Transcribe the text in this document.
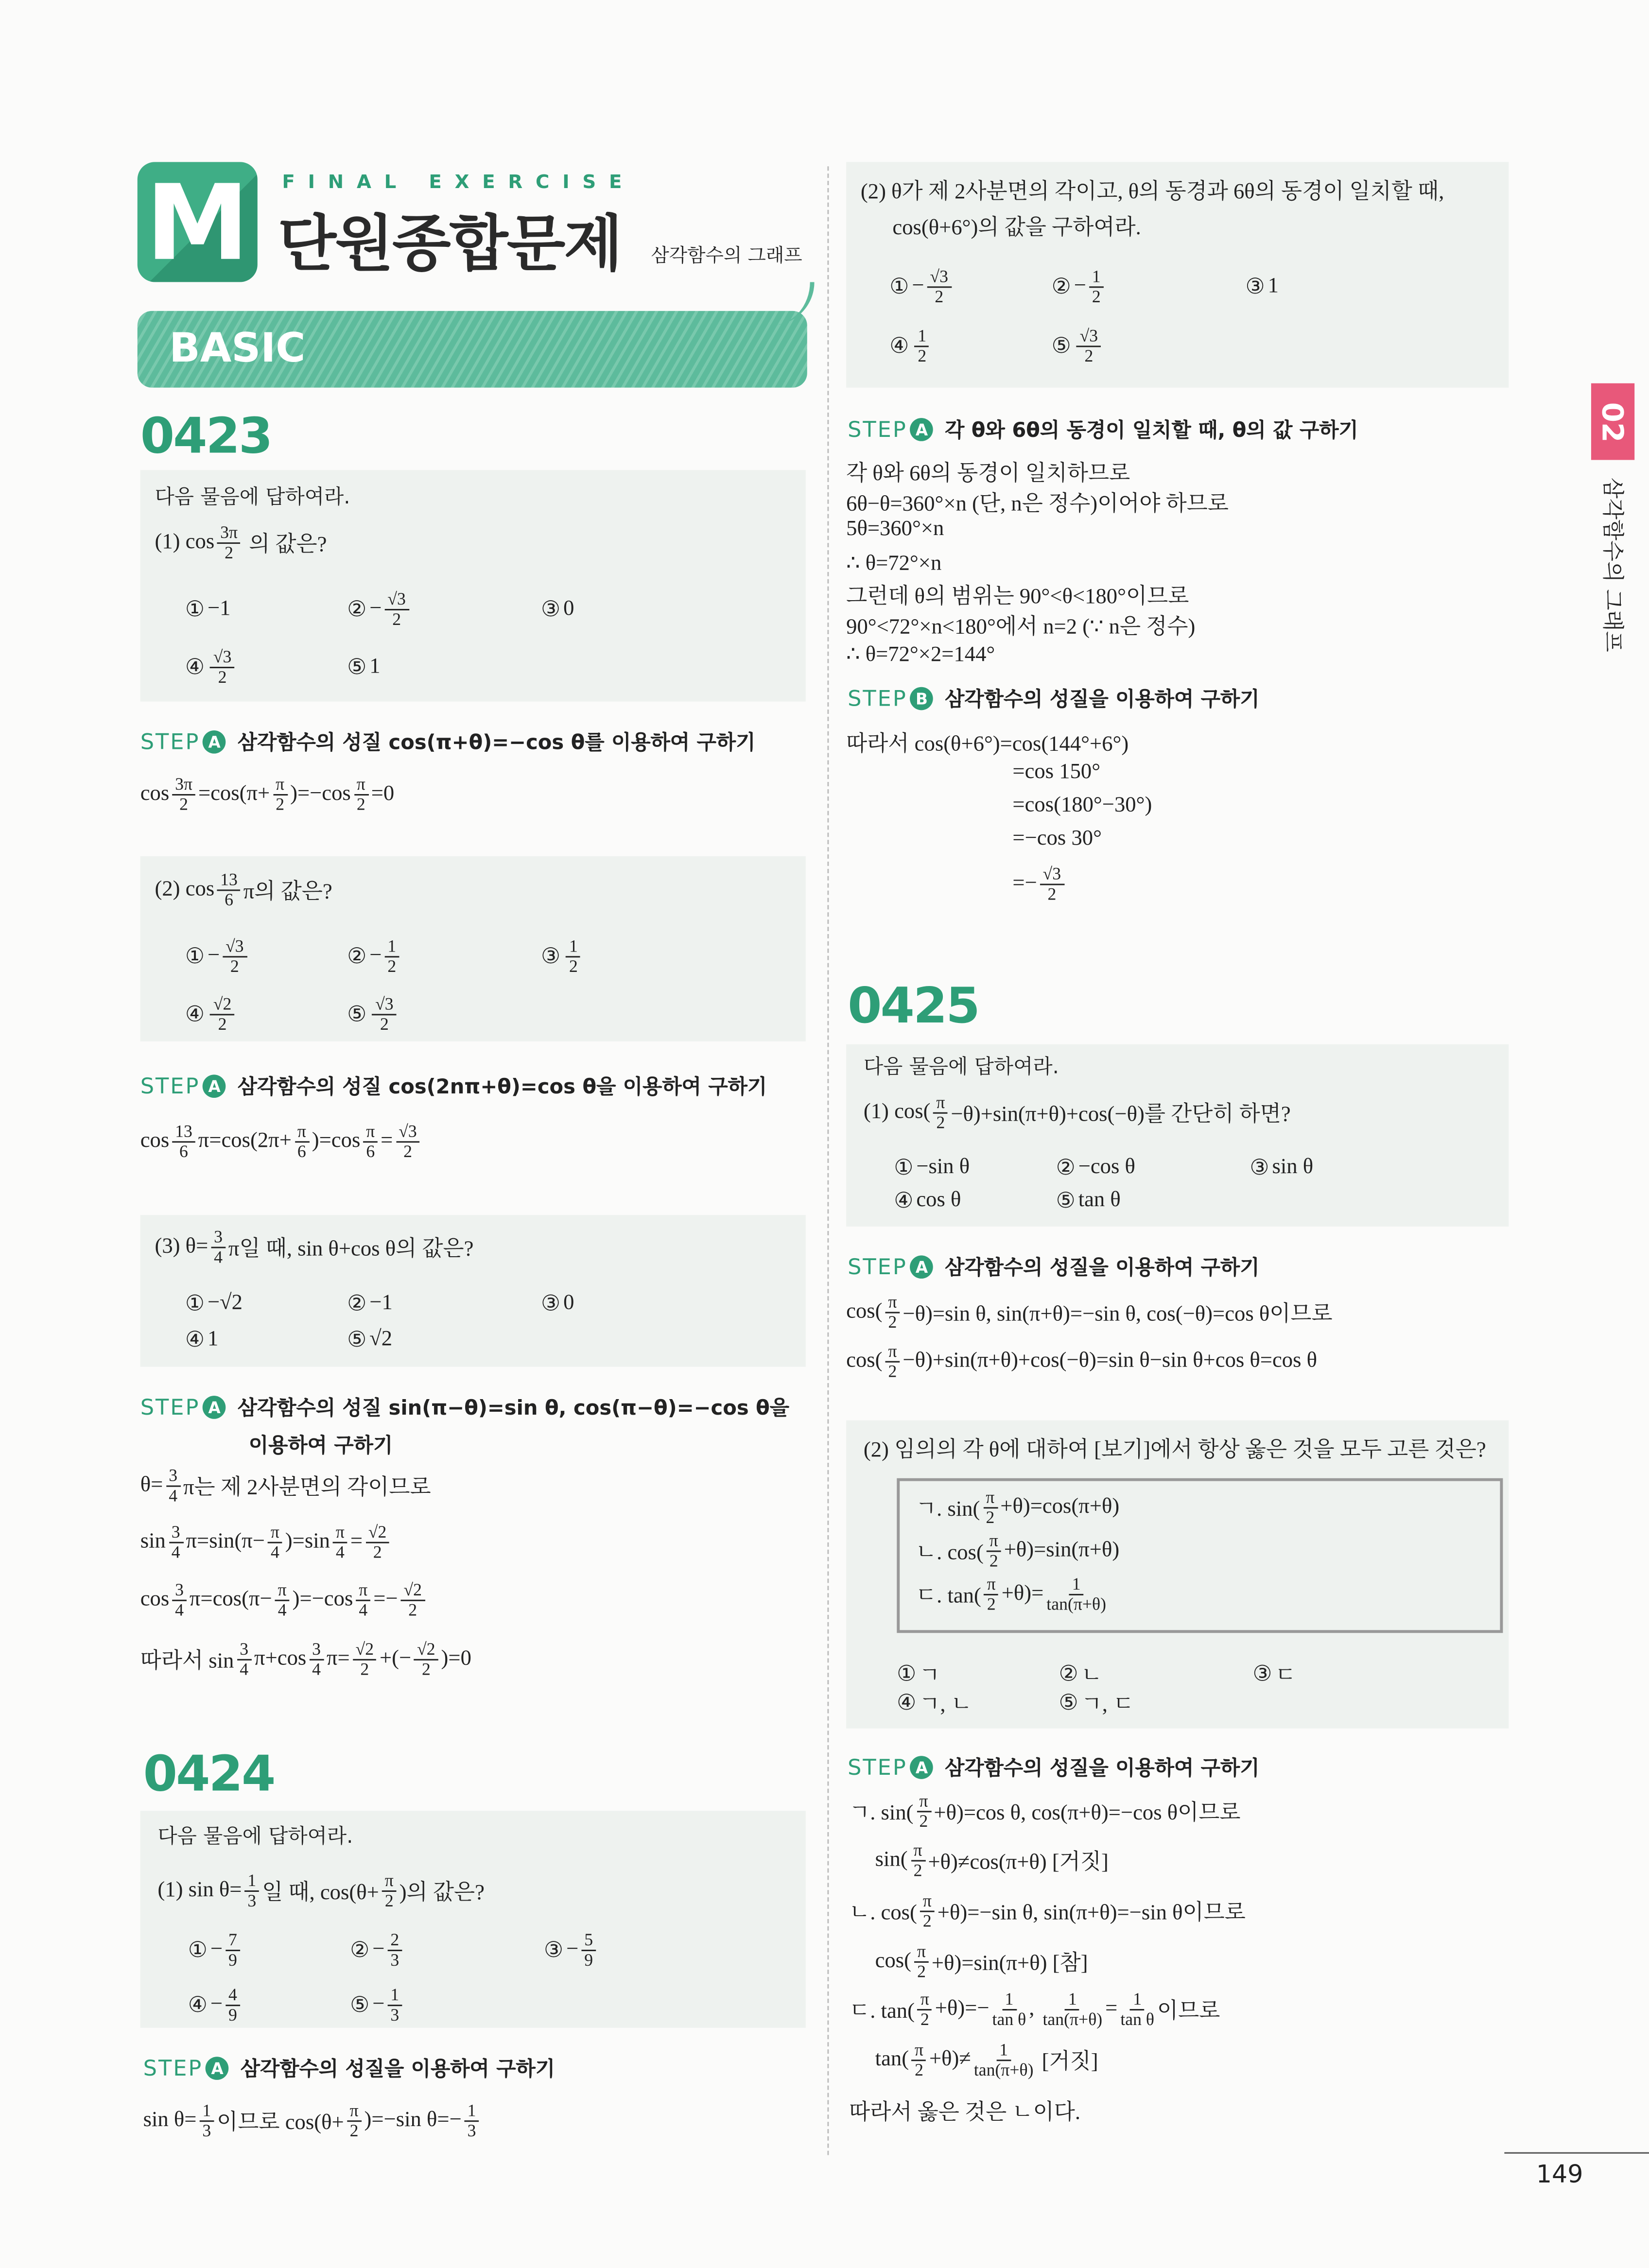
M	FINAL EXERCISE
단원종합문제	삼각함수의 그래프
BASIC
0423
다음 물음에 답하여라.
(1) $\cos \frac{3\pi}{2}$ 의 값은?
① −1	② − $\frac{√3}{2}$	③ 0
④ $\frac{√3}{2}$	⑤ 1
STEP	A	삼각함수의 성질 cos(π+θ)=−cos θ를 이용하여 구하기
$\cos \frac{3\pi}{2} =\cos(\pi+ \frac{\pi}{2} )=-\cos \frac{\pi}{2} =0$
(2) $\cos \frac{13}{6}$ π의 값은?
① − $\frac{√3}{2}$	② − $\frac{1}{2}$	③ $\frac{1}{2}$
④ $\frac{√2}{2}$	⑤ $\frac{√3}{2}$
STEP	A	삼각함수의 성질 cos(2nπ+θ)=cos θ을 이용하여 구하기
$\cos \frac{13}{6} \pi=\cos(2\pi+ \frac{\pi}{6} )=\cos \frac{\pi}{6} = \frac{√3}{2}$
(3) $\theta= \frac{3}{4}$ π일 때, sin θ+cos θ의 값은?
① −√2	② −1	③ 0
④ 1	⑤ √2
STEP	A	삼각함수의 성질 sin(π−θ)=sin θ, cos(π−θ)=−cos θ을
이용하여 구하기
$\theta= \frac{3}{4}$ π는 제 2사분면의 각이므로
$\sin \frac{3}{4} \pi=\sin(\pi- \frac{\pi}{4} )=\sin \frac{\pi}{4} = \frac{√2}{2}$
$\cos \frac{3}{4} \pi=\cos(\pi- \frac{\pi}{4} )=-\cos \frac{\pi}{4} =- \frac{√2}{2}$
따라서 $\sin \frac{3}{4} \pi+\cos \frac{3}{4} \pi= \frac{√2}{2}$ +(− $\frac{√2}{2} )=0$
0424
다음 물음에 답하여라.
(1) $\sin \theta= \frac{1}{3}$ 일 때, $\cos(\theta+ \frac{\pi}{2}$ )의 값은?
① − $\frac{7}{9}$	② − $\frac{2}{3}$	③ − $\frac{5}{9}$
④ − $\frac{4}{9}$	⑤ − $\frac{1}{3}$
STEP	A	삼각함수의 성질을 이용하여 구하기
$\sin \theta= \frac{1}{3}$ 이므로 $\cos(\theta+ \frac{\pi}{2} )=-\sin$ $\theta=- \frac{1}{3}$
(2) θ가 제 2사분면의 각이고, θ의 동경과 6θ의 동경이 일치할 때,
cos(θ+6°)의 값을 구하여라.
① − $\frac{√3}{2}$	② − $\frac{1}{2}$	③ 1
④ $\frac{1}{2}$	⑤ $\frac{√3}{2}$
STEP	A	각 θ와 6θ의 동경이 일치할 때, θ의 값 구하기
각 θ와 6θ의 동경이 일치하므로
6θ−θ=360°×n (단, n은 정수)이어야 하므로
5θ=360°×n
∴ θ=72°×n
그런데 θ의 범위는 90°<θ<180°이므로
90°<72°×n<180°에서 n=2 (∵ n은 정수)
∴ θ=72°×2=144°
STEP	B	삼각함수의 성질을 이용하여 구하기
따라서 cos(θ+6°)=cos(144°+6°)
=cos 150°
=cos(180°−30°)
=−cos 30°
=− $\frac{√3}{2}$
0425
다음 물음에 답하여라.
(1) $\cos( \frac{\pi}{2} -\theta)+\sin(\pi+\theta)+\cos(-\theta)$를 간단히 하면?
① −sin θ	② −cos θ	③ sin θ
④ cos θ	⑤ tan θ
STEP	A	삼각함수의 성질을 이용하여 구하기
$\cos( \frac{\pi}{2} -\theta)=\sin$ θ, sin(π+θ)=−sin θ, cos(−θ)=cos θ이므로
$\cos( \frac{\pi}{2} -\theta)+\sin(\pi+\theta)+\cos(-\theta)=\sin$ θ−sin θ+cos θ=cos θ
(2) 임의의 각 θ에 대하여 [보기]에서 항상 옳은 것을 모두 고른 것은?
ㄱ. $\sin( \frac{\pi}{2} +\theta)=\cos(\pi+\theta)$
ㄴ. $\cos( \frac{\pi}{2} +\theta)=\sin(\pi+\theta)$
ㄷ. $\tan( \frac{\pi}{2} +\theta)= \frac{1}{\tan(\pi+\theta)}$
① ㄱ	② ㄴ	③ ㄷ
④ ㄱ, ㄴ	⑤ ㄱ, ㄷ
STEP	A	삼각함수의 성질을 이용하여 구하기
ㄱ. $\sin( \frac{\pi}{2} +\theta)=\cos$ θ, cos(π+θ)=−cos θ이므로
$\sin( \frac{\pi}{2} +\theta)\ne\cos(\pi+\theta)$ [거짓]
ㄴ. $\cos( \frac{\pi}{2} +\theta)=-\sin$ θ, sin(π+θ)=−sin θ이므로
$\cos( \frac{\pi}{2} +\theta)=\sin(\pi+\theta)$ [참]
ㄷ. $\tan( \frac{\pi}{2} +\theta)=- \frac{1}{\text{tan θ}}$ , $\frac{1}{\tan(\pi+\theta)} = \frac{1}{\text{tan θ}}$ 이므로
$\tan( \frac{\pi}{2} +\theta)\ne \frac{1}{\tan(\pi+\theta)}$ [거짓]
따라서 옳은 것은 ㄴ이다.
02
삼각함수의 그래프
149
